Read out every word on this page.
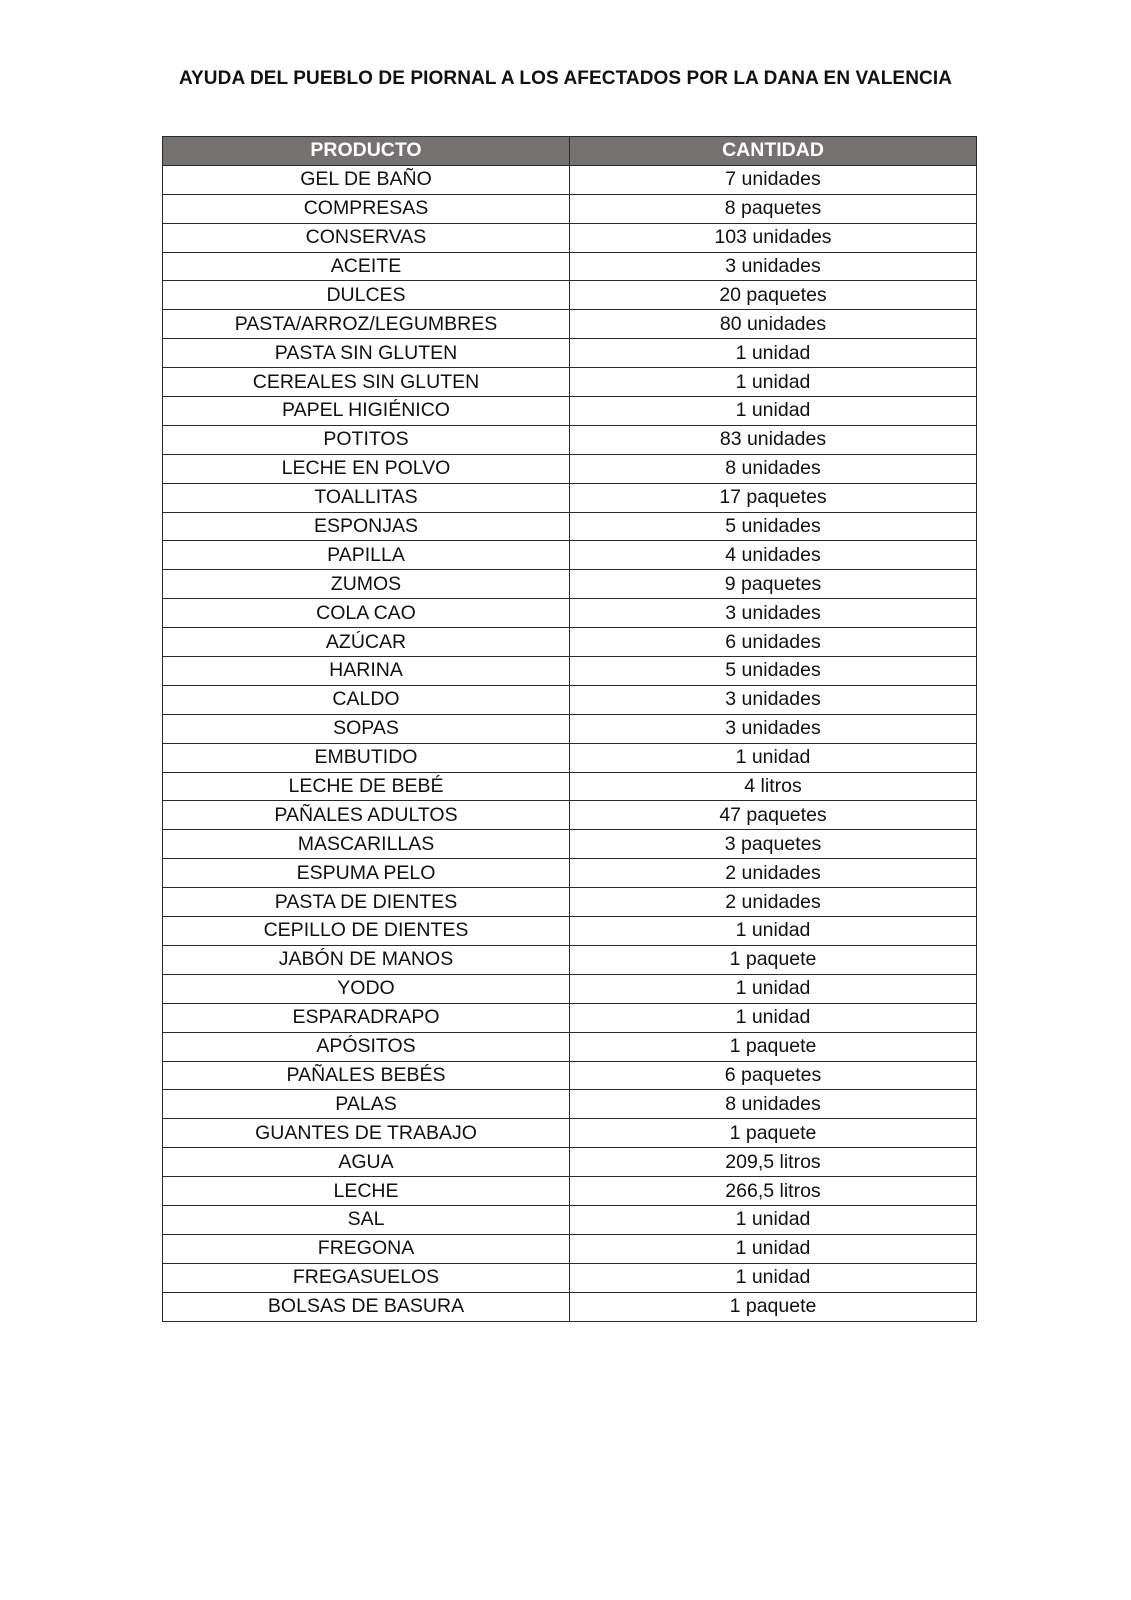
AYUDA DEL PUEBLO DE PIORNAL A LOS AFECTADOS POR LA DANA EN VALENCIA
PRODUCTO	CANTIDAD
GEL DE BAÑO	7 unidades
COMPRESAS	8 paquetes
CONSERVAS	103 unidades
ACEITE	3 unidades
DULCES	20 paquetes
PASTA/ARROZ/LEGUMBRES	80 unidades
PASTA SIN GLUTEN	1 unidad
CEREALES SIN GLUTEN	1 unidad
PAPEL HIGIÉNICO	1 unidad
POTITOS	83 unidades
LECHE EN POLVO	8 unidades
TOALLITAS	17 paquetes
ESPONJAS	5 unidades
PAPILLA	4 unidades
ZUMOS	9 paquetes
COLA CAO	3 unidades
AZÚCAR	6 unidades
HARINA	5 unidades
CALDO	3 unidades
SOPAS	3 unidades
EMBUTIDO	1 unidad
LECHE DE BEBÉ	4 litros
PAÑALES ADULTOS	47 paquetes
MASCARILLAS	3 paquetes
ESPUMA PELO	2 unidades
PASTA DE DIENTES	2 unidades
CEPILLO DE DIENTES	1 unidad
JABÓN DE MANOS	1 paquete
YODO	1 unidad
ESPARADRAPO	1 unidad
APÓSITOS	1 paquete
PAÑALES BEBÉS	6 paquetes
PALAS	8 unidades
GUANTES DE TRABAJO	1 paquete
AGUA	209,5 litros
LECHE	266,5 litros
SAL	1 unidad
FREGONA	1 unidad
FREGASUELOS	1 unidad
BOLSAS DE BASURA	1 paquete
